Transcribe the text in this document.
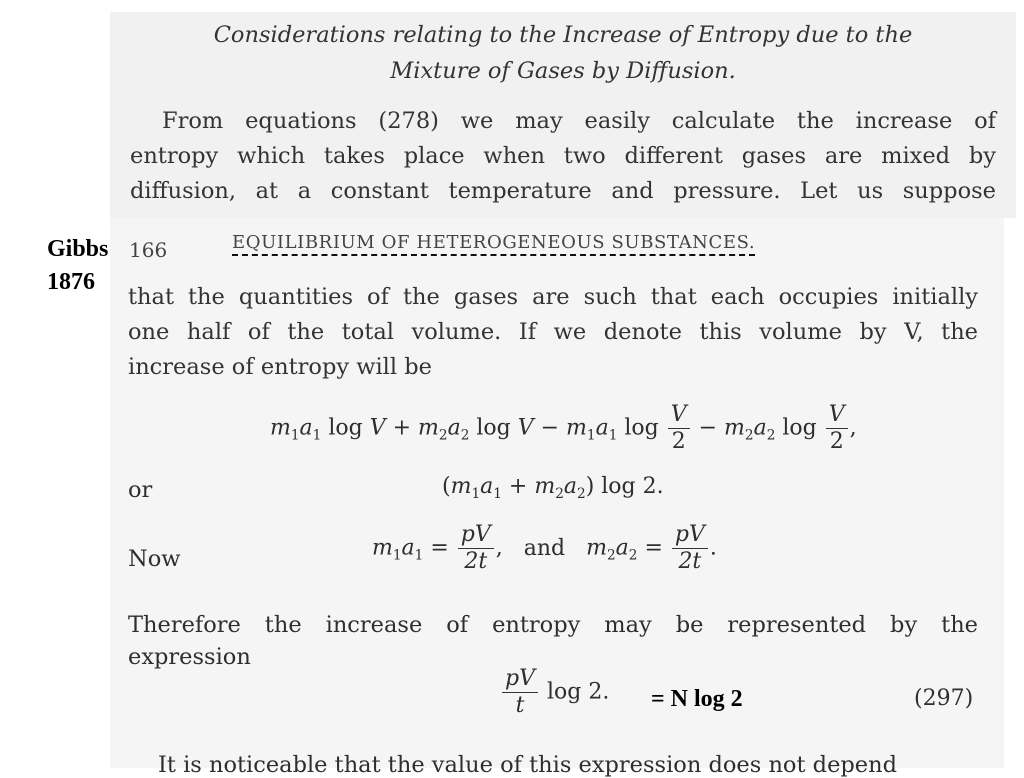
Considerations relating to the Increase of Entropy due to the
Mixture of Gases by Diffusion.
From equations (278) we may easily calculate the increase of
entropy which takes place when two different gases are mixed by
diffusion, at a constant temperature and pressure. Let us suppose
Gibbs
1876
166	EQUILIBRIUM OF HETEROGENEOUS SUBSTANCES.
that the quantities of the gases are such that each occupies initially
one half of the total volume. If we denote this volume by V, the
increase of entropy will be
$m_1a_1$ $\log V + m_2a_2$ $\log V - m_1a_1$ $\log \frac{V}{2} - m_2a_2$ $\log \frac{V}{2}$ ,
or	$(m_1a_1 + m_2a_2)$ log 2.
Now	$m_1a_1 = \frac{pV}{2t}$ , and $m_2a_2 = \frac{pV}{2t}$ .
Therefore the increase of entropy may be represented by the
expression
$\frac{pV}{t}$ log 2. = N log 2	(297)
It is noticeable that the value of this expression does not depend
